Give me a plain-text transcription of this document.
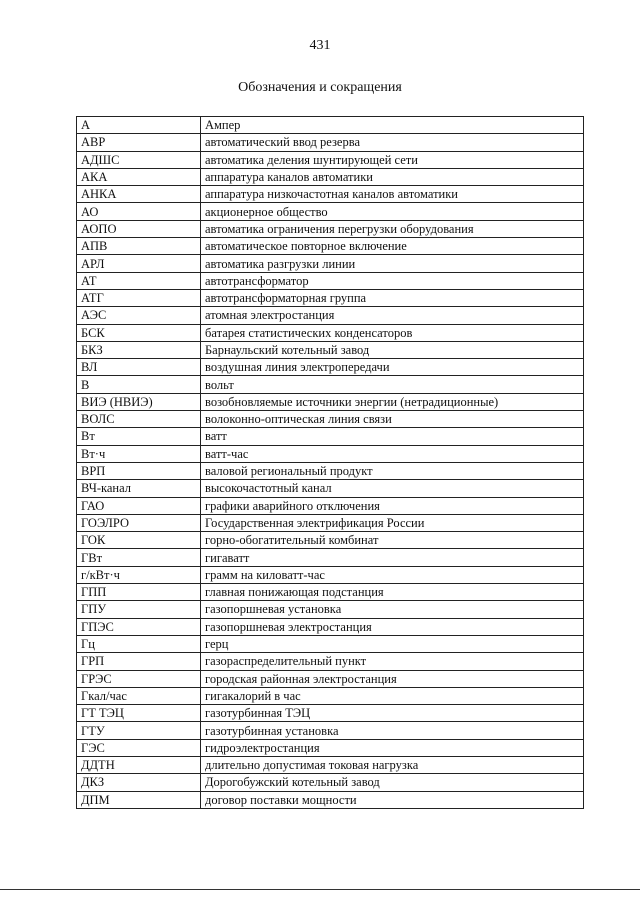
431
Обозначения и сокращения
А	Ампер
АВР	автоматический ввод резерва
АДШС	автоматика деления шунтирующей сети
АКА	аппаратура каналов автоматики
АНКА	аппаратура низкочастотная каналов автоматики
АО	акционерное общество
АОПО	автоматика ограничения перегрузки оборудования
АПВ	автоматическое повторное включение
АРЛ	автоматика разгрузки линии
АТ	автотрансформатор
АТГ	автотрансформаторная группа
АЭС	атомная электростанция
БСК	батарея статистических конденсаторов
БКЗ	Барнаульский котельный завод
ВЛ	воздушная линия электропередачи
В	вольт
ВИЭ (НВИЭ)	возобновляемые источники энергии (нетрадиционные)
ВОЛС	волоконно-оптическая линия связи
Вт	ватт
Вт·ч	ватт-час
ВРП	валовой региональный продукт
ВЧ-канал	высокочастотный канал
ГАО	графики аварийного отключения
ГОЭЛРО	Государственная электрификация России
ГОК	горно-обогатительный комбинат
ГВт	гигаватт
г/кВт·ч	грамм на киловатт-час
ГПП	главная понижающая подстанция
ГПУ	газопоршневая установка
ГПЭС	газопоршневая электростанция
Гц	герц
ГРП	газораспределительный пункт
ГРЭС	городская районная электростанция
Гкал/час	гигакалорий в час
ГТ ТЭЦ	газотурбинная ТЭЦ
ГТУ	газотурбинная установка
ГЭС	гидроэлектростанция
ДДТН	длительно допустимая токовая нагрузка
ДКЗ	Дорогобужский котельный завод
ДПМ	договор поставки мощности
